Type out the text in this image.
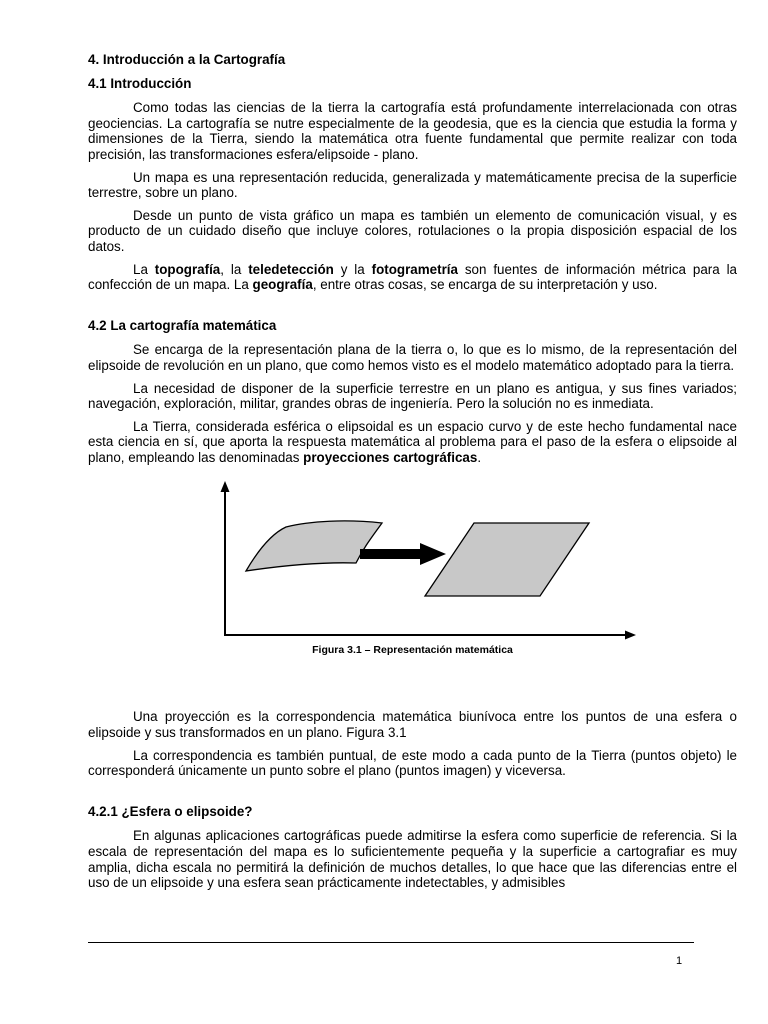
4. Introducción a la Cartografía
4.1 Introducción

Como todas las ciencias de la tierra la cartografía está profundamente interrelacionada con otras geociencias. La cartografía se nutre especialmente de la geodesia, que es la ciencia que estudia la forma y dimensiones de la Tierra, siendo la matemática otra fuente fundamental que permite realizar con toda precisión, las transformaciones esfera/elipsoide - plano.

Un mapa es una representación reducida, generalizada y matemáticamente precisa de la superficie terrestre, sobre un plano.

Desde un punto de vista gráfico un mapa es también un elemento de comunicación visual, y es producto de un cuidado diseño que incluye colores, rotulaciones o la propia disposición espacial de los datos.

La topografía, la teledetección y la fotogrametría son fuentes de información métrica para la confección de un mapa. La geografía, entre otras cosas, se encarga de su interpretación y uso.

4.2 La cartografía matemática

Se encarga de la representación plana de la tierra o, lo que es lo mismo, de la representación del elipsoide de revolución en un plano, que como hemos visto es el modelo matemático adoptado para la tierra.

La necesidad de disponer de la superficie terrestre en un plano es antigua, y sus fines variados; navegación, exploración, militar, grandes obras de ingeniería. Pero la solución no es inmediata.

La Tierra, considerada esférica o elipsoidal es un espacio curvo y de este hecho fundamental nace esta ciencia en sí, que aporta la respuesta matemática al problema para el paso de la esfera o elipsoide al plano, empleando las denominadas proyecciones cartográficas.

Figura 3.1 – Representación matemática

Una proyección es la correspondencia matemática biunívoca entre los puntos de una esfera o elipsoide y sus transformados en un plano. Figura 3.1

La correspondencia es también puntual, de este modo a cada punto de la Tierra (puntos objeto) le corresponderá únicamente un punto sobre el plano (puntos imagen) y viceversa.

4.2.1 ¿Esfera o elipsoide?

En algunas aplicaciones cartográficas puede admitirse la esfera como superficie de referencia. Si la escala de representación del mapa es lo suficientemente pequeña y la superficie a cartografiar es muy amplia, dicha escala no permitirá la definición de muchos detalles, lo que hace que las diferencias entre el uso de un elipsoide y una esfera sean prácticamente indetectables, y admisibles

1
